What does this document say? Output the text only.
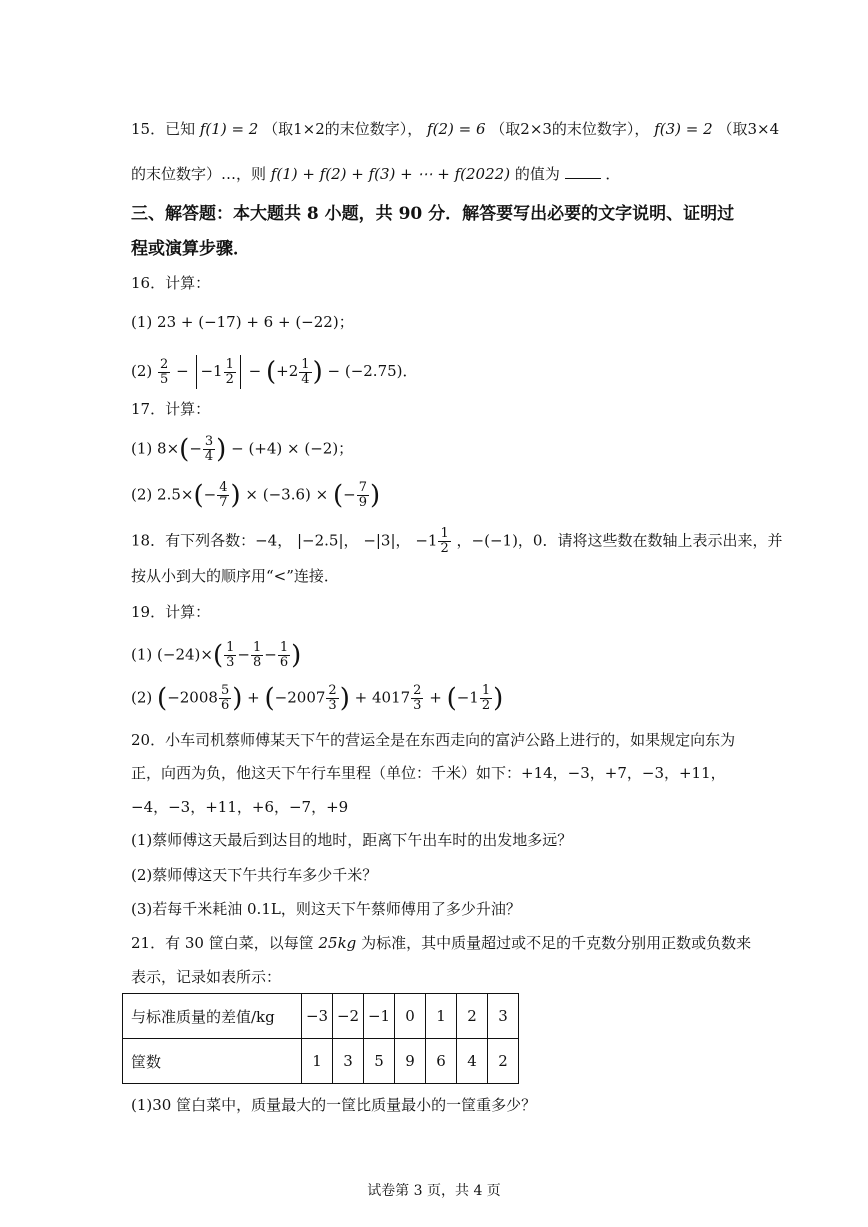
15．已知 f(1) = 2 （取1×2的末位数字）， f(2) = 6 （取2×3的末位数字）， f(3) = 2 （取3×4
的末位数字）…，则 f(1) + f(2) + f(3) + ⋯ + f(2022) 的值为	．
三、解答题：本大题共 8 小题，共 90 分．解答要写出必要的文字说明、证明过
程或演算步骤．
16．计算：
(1) 23 + (−17) + 6 + (−22)；
$(2) \frac{2}{5} - -1 \frac{1}{2} - (+2 \frac{1}{4}$ ) − (−2.75)．
17．计算：
(1) $8\times(- \frac{3}{4}$ ) − (+4) × (−2)；
(2) $2.5\times(- \frac{4}{7}$ ) × (−3.6) × (− $\frac{7}{9}$ )
18．有下列各数：−4， |−2.5|， −|3|， $-1 \frac{1}{2}$ ，−(−1)，0．请将这些数在数轴上表示出来，并
按从小到大的顺序用“<”连接．
19．计算：
(1) $(-24)\times( \frac{1}{3} - \frac{1}{8} - \frac{1}{6}$ )
(2) ($-2008 \frac{5}{6}$ ) + ($-2007 \frac{2}{3}$ ) + $4017 \frac{2}{3} + (-1 \frac{1}{2}$ )
20．小车司机蔡师傅某天下午的营运全是在东西走向的富泸公路上进行的，如果规定向东为
正，向西为负，他这天下午行车里程（单位：千米）如下：+14，−3，+7，−3，+11，
−4，−3，+11，+6，−7，+9
(1)蔡师傅这天最后到达目的地时，距离下午出车时的出发地多远？
(2)蔡师傅这天下午共行车多少千米？
(3)若每千米耗油 0.1L，则这天下午蔡师傅用了多少升油？
21．有 30 筐白菜，以每筐 25kg 为标准，其中质量超过或不足的千克数分别用正数或负数来
表示，记录如表所示：
与标准质量的差值/kg	−3	−2	−1	0	1	2	3
筐数	1	3	5	9	6	4	2
(1)30 筐白菜中，质量最大的一筐比质量最小的一筐重多少？
试卷第 3 页，共 4 页
